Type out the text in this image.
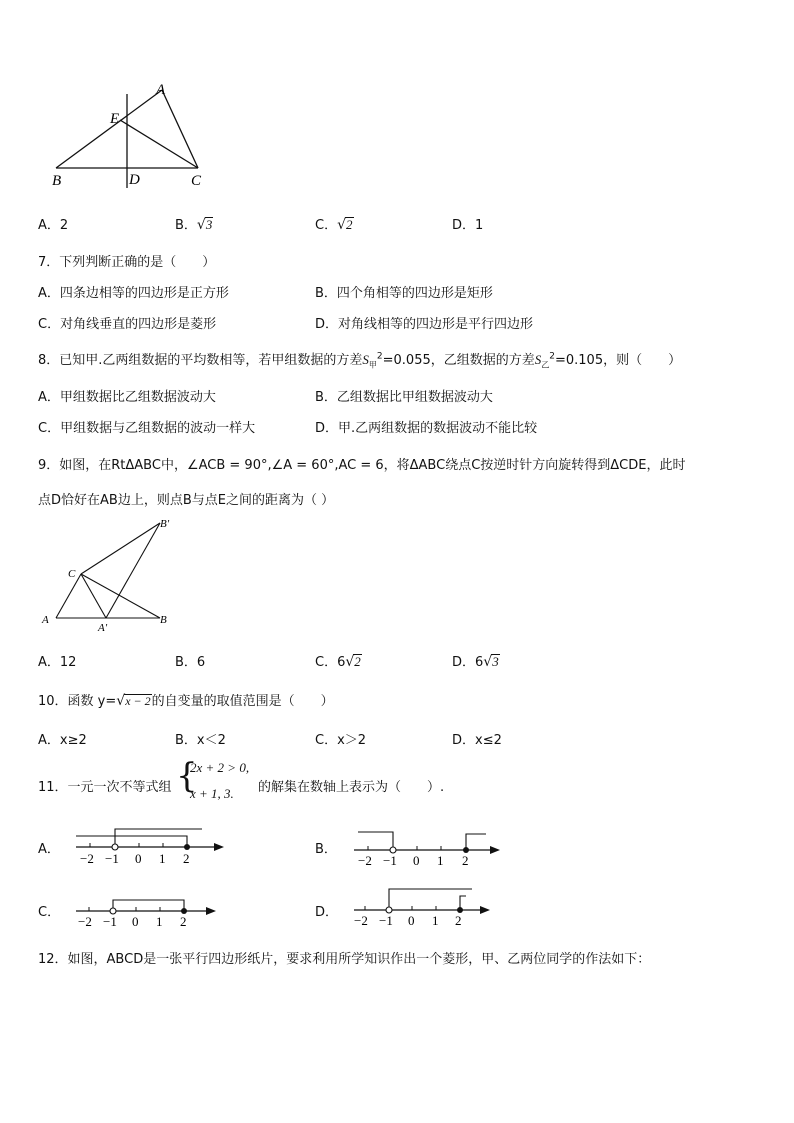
A
E
B	D	C
A．2	B．√3	C．√2	D．1
7．下列判断正确的是（　　）
A．四条边相等的四边形是正方形	B．四个角相等的四边形是矩形
C．对角线垂直的四边形是菱形	D．对角线相等的四边形是平行四边形
8．已知甲.乙两组数据的平均数相等，若甲组数据的方差$S_甲^2=0.055$，乙组数据的方差$S_乙^2=0.105$，则（　　）
A．甲组数据比乙组数据波动大	B．乙组数据比甲组数据波动大
C．甲组数据与乙组数据的波动一样大	D．甲.乙两组数据的数据波动不能比较
9．如图，在RtΔABC中，∠ACB = 90°,∠A = 60°,AC = 6，将ΔABC绕点C按逆时针方向旋转得到ΔCDE，此时
点D恰好在AB边上，则点B与点E之间的距离为（ ）
A
C
A′
B
B′
A．12	B．6	C．6√2	D．6√3
10．函数 y=√x − 2的自变量的取值范围是（　　）
A．x≥2	B．x＜2	C．x＞2	D．x≤2
11．一元一次不等式组 {
2x + 2 > 0,
x + 1, 3. 的解集在数轴上表示为（　　）.
A．	B．
C．	D．
−2 −1 0 1 2	−2 −1 0 1 2
−2 −1 0 1 2	−2 −1 0 1 2
12．如图，ABCD是一张平行四边形纸片，要求利用所学知识作出一个菱形，甲、乙两位同学的作法如下：
